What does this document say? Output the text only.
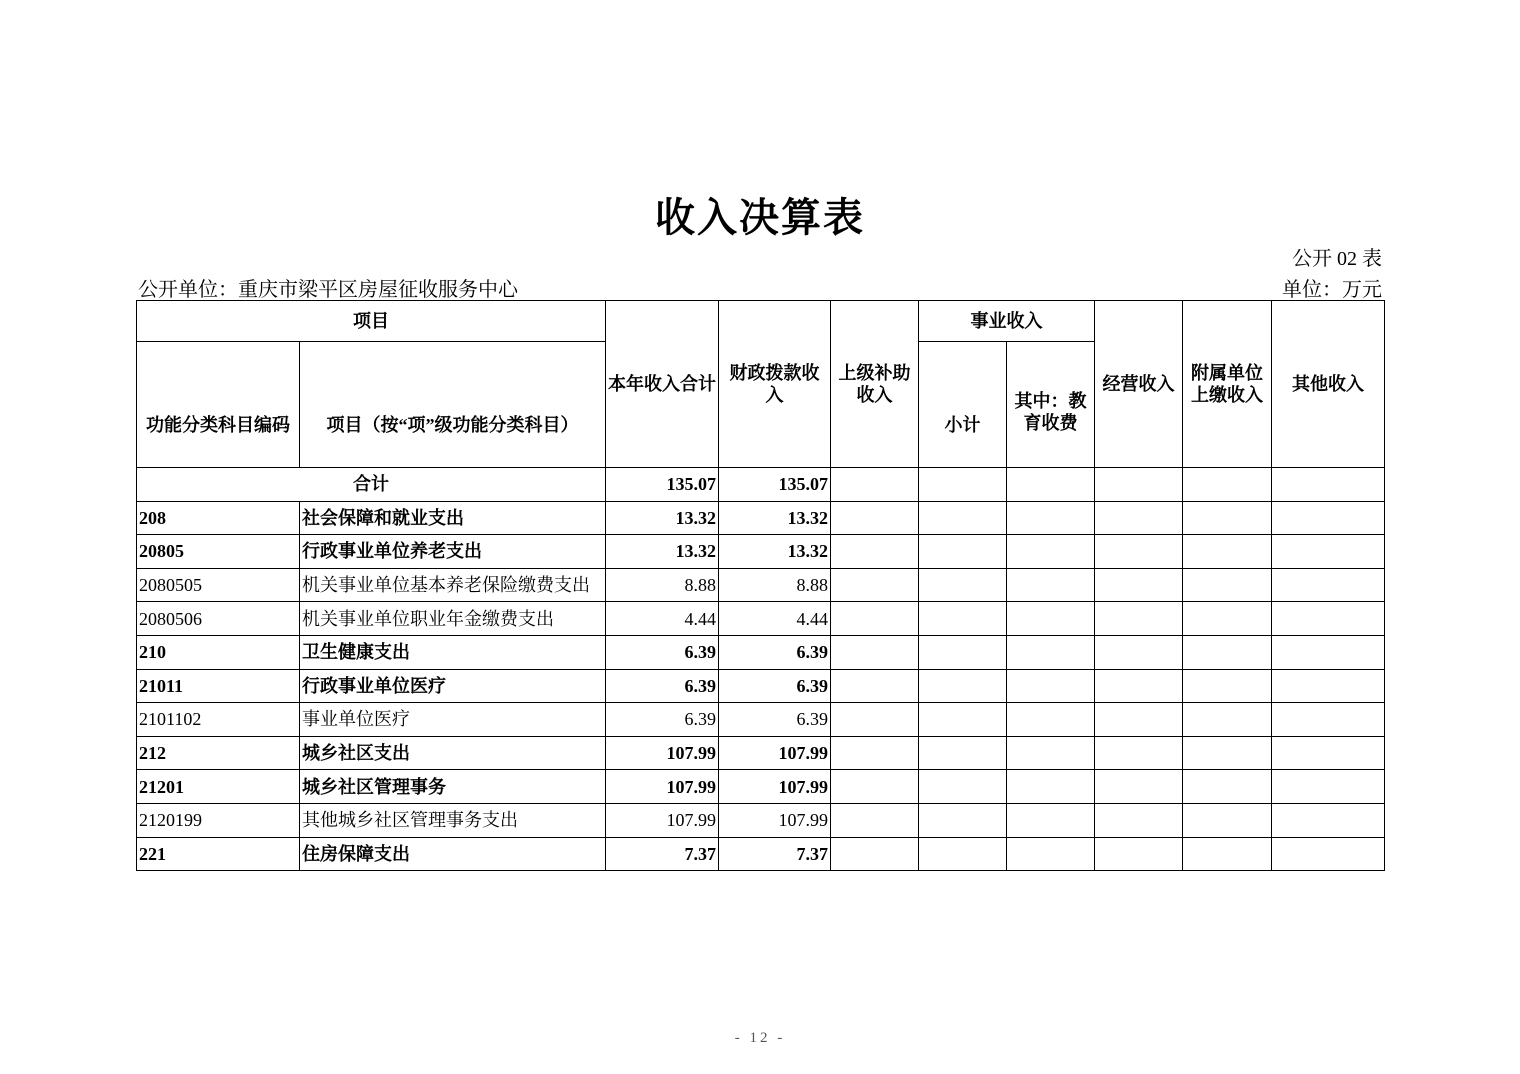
收入决算表
公开 02 表
公开单位：重庆市梁平区房屋征收服务中心	单位：万元
项目		本年收入合计	财政拨款收入	上级补助收入	事业收入		经营收入	附属单位上缴收入	其他收入
功能分类科目编码	项目（按“项”级功能分类科目）				小计	其中：教育收费			
合计		135.07	135.07						
208	社会保障和就业支出	13.32	13.32						
20805	行政事业单位养老支出	13.32	13.32						
2080505	机关事业单位基本养老保险缴费支出	8.88	8.88						
2080506	机关事业单位职业年金缴费支出	4.44	4.44						
210	卫生健康支出	6.39	6.39						
21011	行政事业单位医疗	6.39	6.39						
2101102	事业单位医疗	6.39	6.39						
212	城乡社区支出	107.99	107.99						
21201	城乡社区管理事务	107.99	107.99						
2120199	其他城乡社区管理事务支出	107.99	107.99						
221	住房保障支出	7.37	7.37						
- 12 -
